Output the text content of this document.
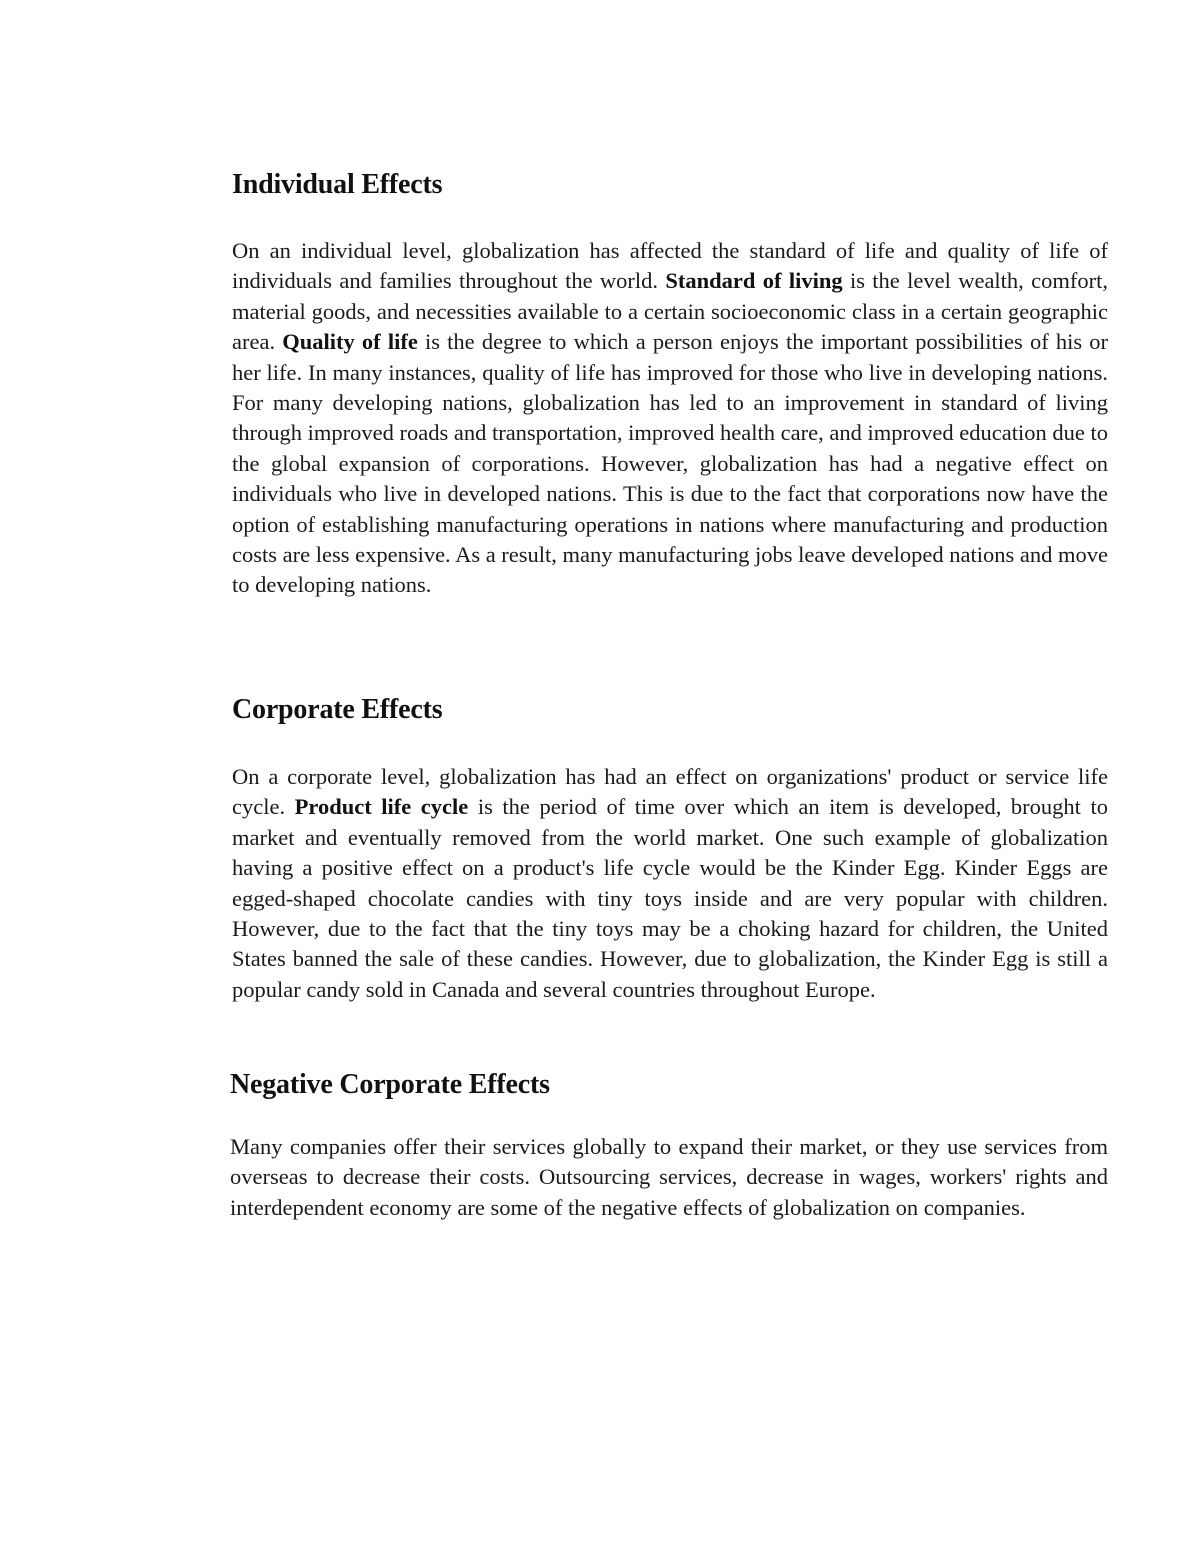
Individual Effects

On an individual level, globalization has affected the standard of life and quality of life of individuals and families throughout the world. Standard of living is the level wealth, comfort, material goods, and necessities available to a certain socioeconomic class in a certain geographic area. Quality of life is the degree to which a person enjoys the important possibilities of his or her life. In many instances, quality of life has improved for those who live in developing nations. For many developing nations, globalization has led to an improvement in standard of living through improved roads and transportation, improved health care, and improved education due to the global expansion of corporations. However, globalization has had a negative effect on individuals who live in developed nations. This is due to the fact that corporations now have the option of establishing manufacturing operations in nations where manufacturing and production costs are less expensive. As a result, many manufacturing jobs leave developed nations and move to developing nations.

Corporate Effects

On a corporate level, globalization has had an effect on organizations' product or service life cycle. Product life cycle is the period of time over which an item is developed, brought to market and eventually removed from the world market. One such example of globalization having a positive effect on a product's life cycle would be the Kinder Egg. Kinder Eggs are egged-shaped chocolate candies with tiny toys inside and are very popular with children. However, due to the fact that the tiny toys may be a choking hazard for children, the United States banned the sale of these candies. However, due to globalization, the Kinder Egg is still a popular candy sold in Canada and several countries throughout Europe.

Negative Corporate Effects

Many companies offer their services globally to expand their market, or they use services from overseas to decrease their costs. Outsourcing services, decrease in wages, workers' rights and interdependent economy are some of the negative effects of globalization on companies.
